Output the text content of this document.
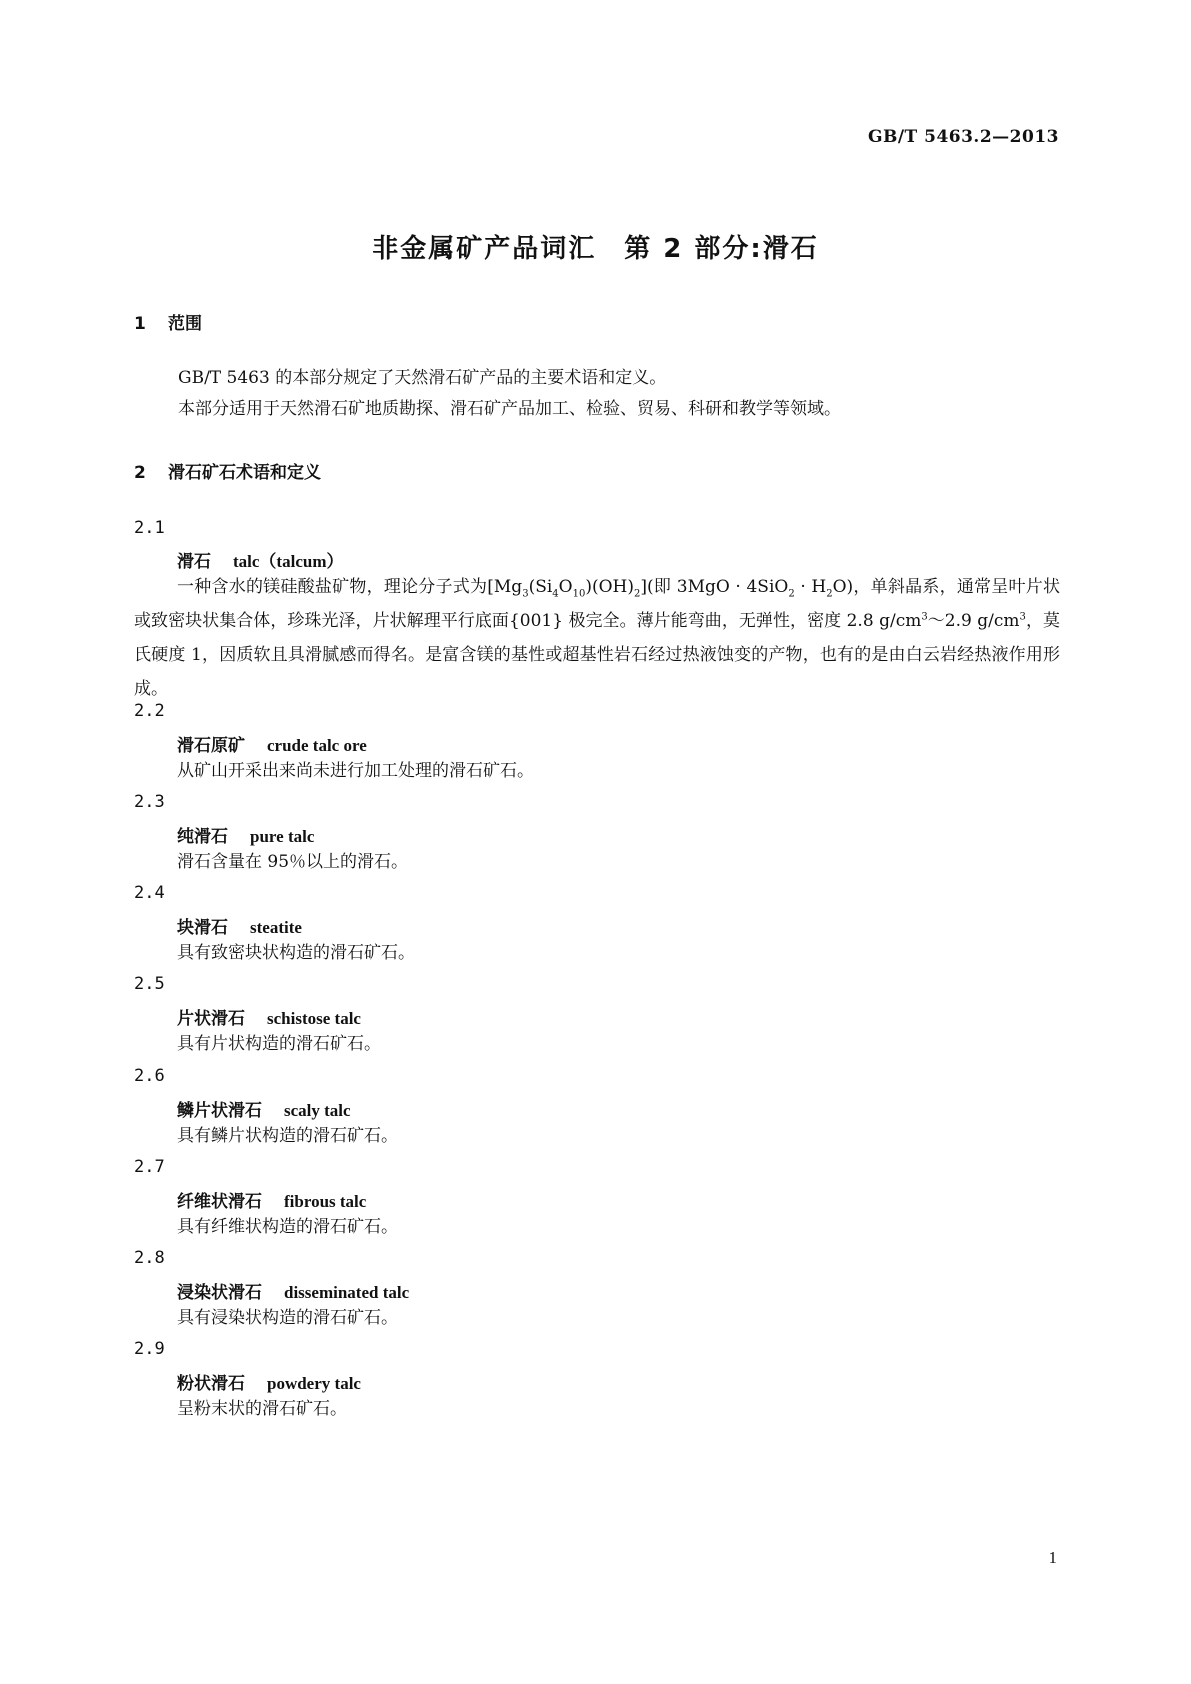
GB/T 5463.2—2013
非金属矿产品词汇　第 2 部分:滑石
1 范围
GB/T 5463 的本部分规定了天然滑石矿产品的主要术语和定义。
本部分适用于天然滑石矿地质勘探、滑石矿产品加工、检验、贸易、科研和教学等领域。
2 滑石矿石术语和定义
2.1
滑石 talc（talcum）
一种含水的镁硅酸盐矿物，理论分子式为$[Mg_3(Si_4O_{10})(OH)_2]$(即 $3MgO \cdot 4SiO_2 \cdot H_2O$)，单斜晶系，通常呈叶片状或致密块状集合体，珍珠光泽，片状解理平行底面{001} 极完全。薄片能弯曲，无弹性，密度 2.8 $g/cm^3\sim 2.9$ $g/cm^3$，莫氏硬度 1，因质软且具滑腻感而得名。是富含镁的基性或超基性岩石经过热液蚀变的产物，也有的是由白云岩经热液作用形成。
2.2
滑石原矿 crude talc ore
从矿山开采出来尚未进行加工处理的滑石矿石。
2.3
纯滑石 pure talc
滑石含量在 95％以上的滑石。
2.4
块滑石 steatite
具有致密块状构造的滑石矿石。
2.5
片状滑石 schistose talc
具有片状构造的滑石矿石。
2.6
鳞片状滑石 scaly talc
具有鳞片状构造的滑石矿石。
2.7
纤维状滑石 fibrous talc
具有纤维状构造的滑石矿石。
2.8
浸染状滑石 disseminated talc
具有浸染状构造的滑石矿石。
2.9
粉状滑石 powdery talc
呈粉末状的滑石矿石。
1
